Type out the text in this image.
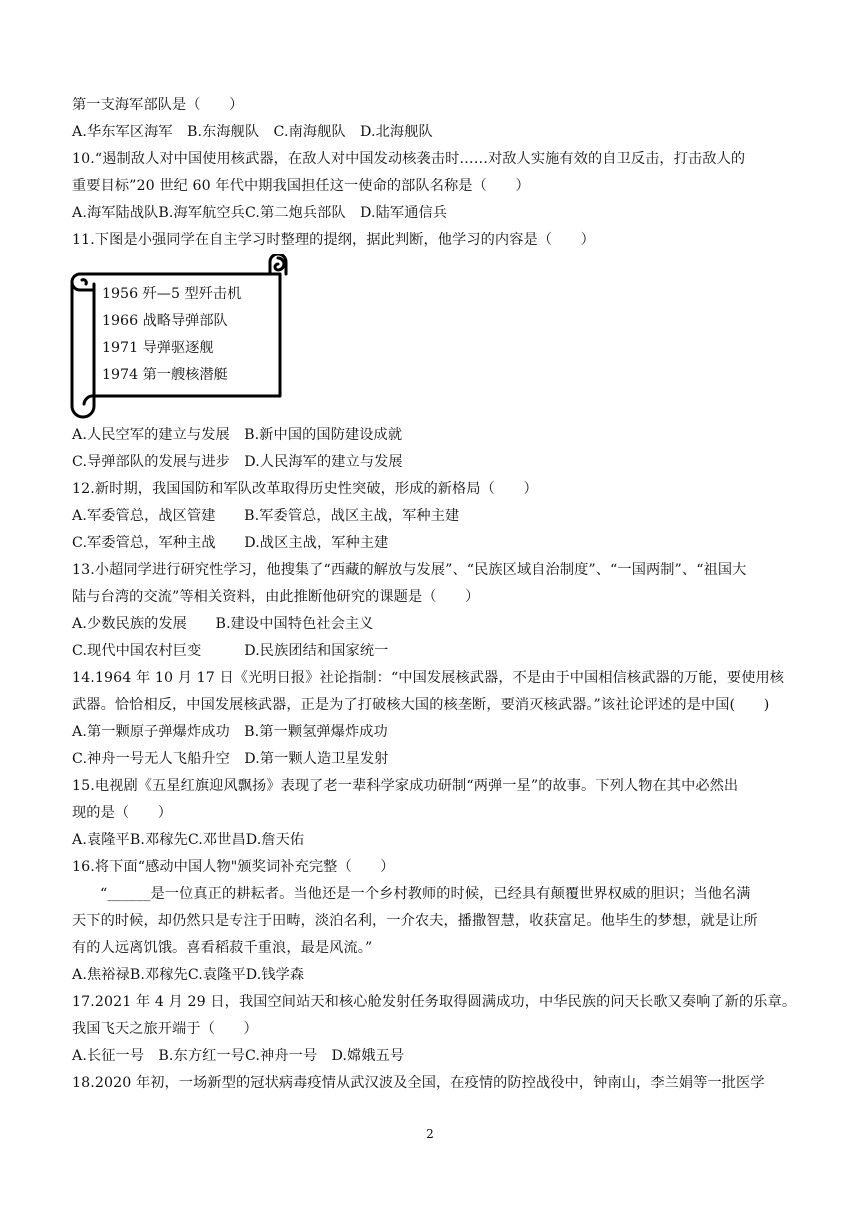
第一支海军部队是（　　）
A.华东军区海军　B.东海舰队　C.南海舰队　D.北海舰队
10.“遏制敌人对中国使用核武器，在敌人对中国发动核袭击时……对敌人实施有效的自卫反击，打击敌人的
重要目标”20 世纪 60 年代中期我国担任这一使命的部队名称是（　　）
A.海军陆战队B.海军航空兵C.第二炮兵部队　D.陆军通信兵
11.下图是小强同学在自主学习时整理的提纲，据此判断，他学习的内容是（　　）
1956 歼—5 型歼击机
1966 战略导弹部队
1971 导弹驱逐舰
1974 第一艘核潜艇
A.人民空军的建立与发展　B.新中国的国防建设成就
C.导弹部队的发展与进步　D.人民海军的建立与发展
12.新时期，我国国防和军队改革取得历史性突破，形成的新格局（　　）
A.军委管总，战区管建　　B.军委管总，战区主战，军种主建
C.军委管总，军种主战　　D.战区主战，军种主建
13.小超同学进行研究性学习，他搜集了“西藏的解放与发展”、“民族区域自治制度”、“一国两制”、“祖国大
陆与台湾的交流”等相关资料，由此推断他研究的课题是（　　）
A.少数民族的发展　　B.建设中国特色社会主义
C.现代中国农村巨变　　　D.民族团结和国家统一
14.1964 年 10 月 17 日《光明日报》社论指制：“中国发展核武器，不是由于中国相信核武器的万能，要使用核
武器。恰恰相反，中国发展核武器，正是为了打破核大国的核垄断，要消灭核武器。”该社论评述的是中国(　　)
A.第一颗原子弹爆炸成功　B.第一颗氢弹爆炸成功
C.神舟一号无人飞船升空　D.第一颗人造卫星发射
15.电视剧《五星红旗迎风飘扬》表现了老一辈科学家成功研制“两弹一星”的故事。下列人物在其中必然出
现的是（　　）
A.袁隆平B.邓稼先C.邓世昌D.詹天佑
16.将下面“感动中国人物"颁奖词补充完整（　　）
“______是一位真正的耕耘者。当他还是一个乡村教师的时候，已经具有颠覆世界权威的胆识；当他名满
天下的时候，却仍然只是专注于田畴，淡泊名利，一介农夫，播撒智慧，收获富足。他毕生的梦想，就是让所
有的人远离饥饿。喜看稻菽千重浪，最是风流。”
A.焦裕禄B.邓稼先C.袁隆平D.钱学森
17.2021 年 4 月 29 日，我国空间站天和核心舱发射任务取得圆满成功，中华民族的问天长歌又奏响了新的乐章。
我国飞天之旅开端于（　　）
A.长征一号　B.东方红一号C.神舟一号　D.嫦娥五号
18.2020 年初，一场新型的冠状病毒疫情从武汉波及全国，在疫情的防控战役中，钟南山，李兰娟等一批医学
2
